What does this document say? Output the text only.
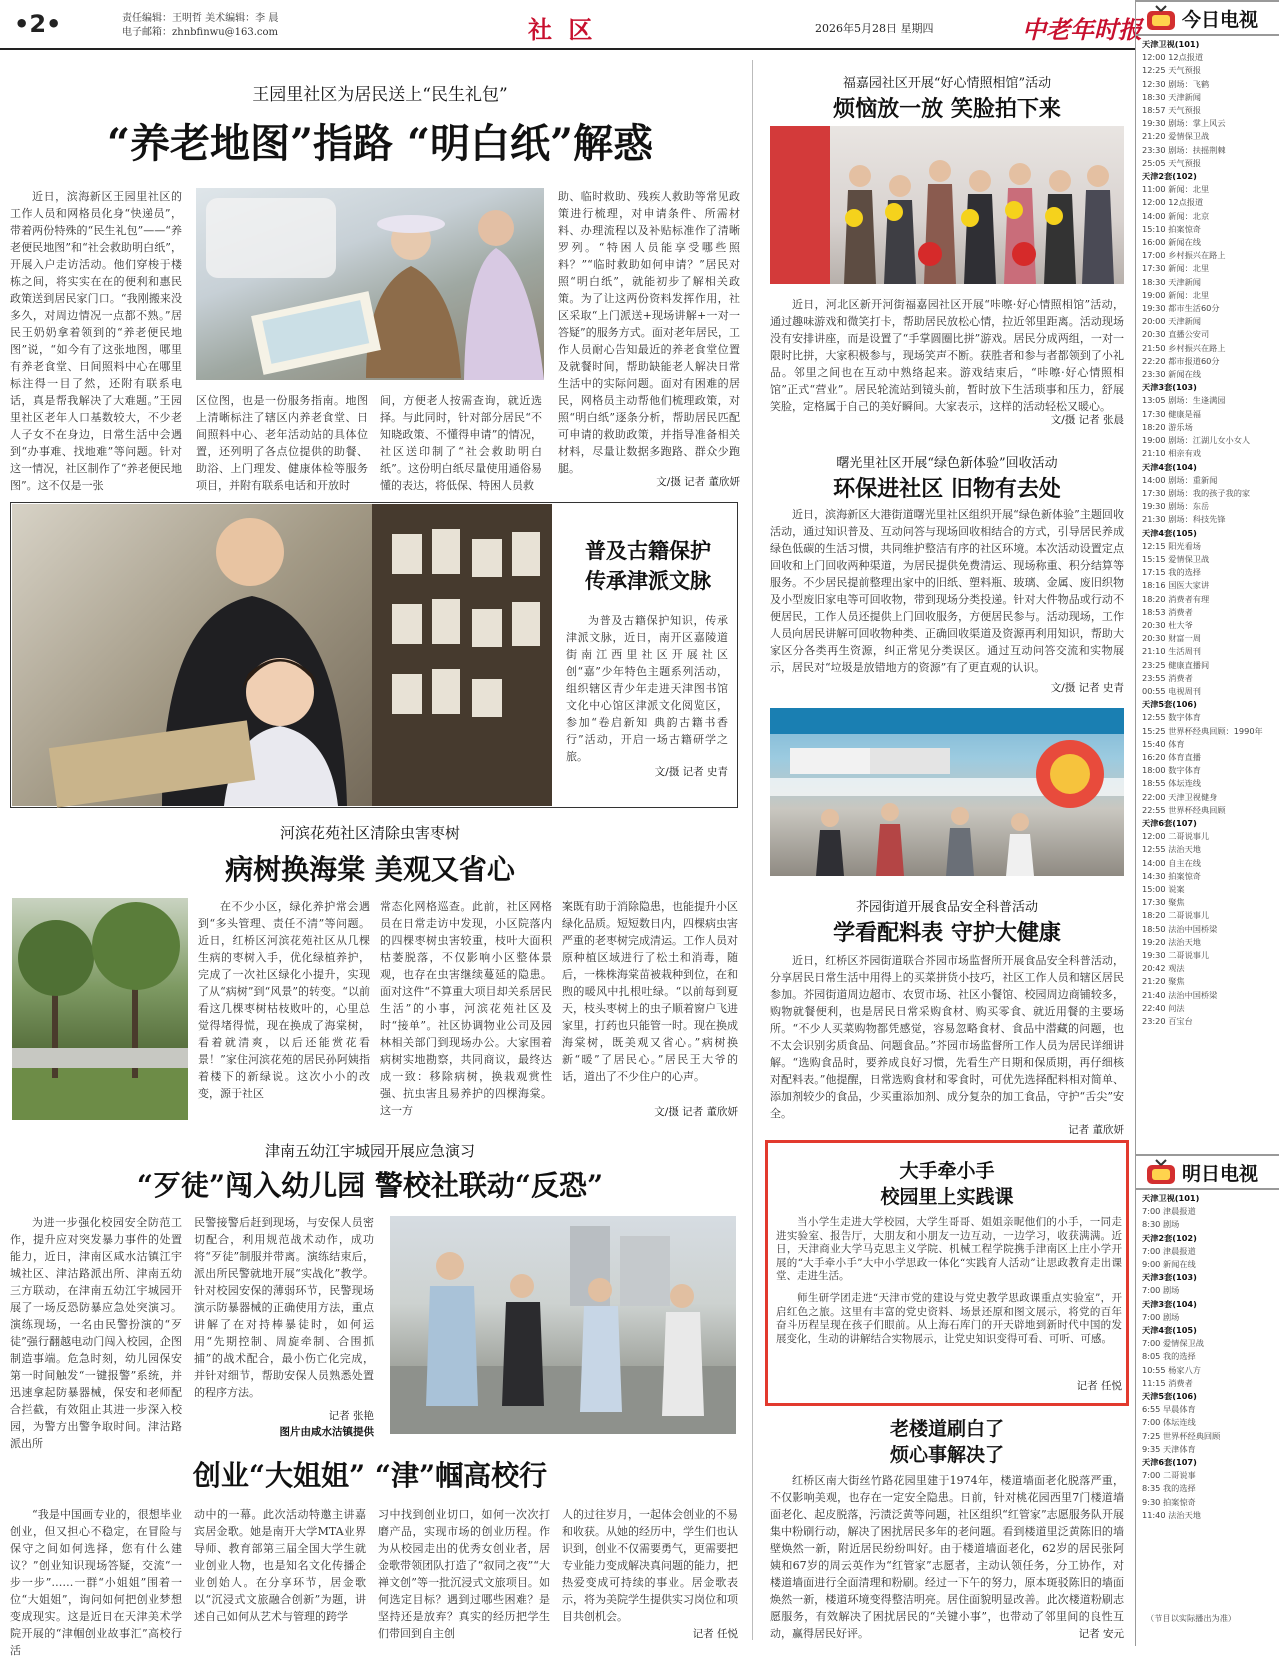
•2•	责任编辑：王明哲 美术编辑：李 晨
电子邮箱：zhnbfinwu@163.com	社 区	2026年5月28日 星期四	中老年时报
王园里社区为居民送上“民生礼包”
“养老地图”指路 “明白纸”解惑
近日，滨海新区王园里社区的工作人员和网格员化身“快递员”，带着两份特殊的“民生礼包”——“养老便民地图”和“社会救助明白纸”，开展入户走访活动。他们穿梭于楼栋之间，将实实在在的便利和惠民政策送到居民家门口。“我刚搬来没多久，对周边情况一点都不熟。”居民王奶奶拿着领到的“养老便民地图”说，“如今有了这张地图，哪里有养老食堂、日间照料中心在哪里标注得一目了然，还附有联系电话，真是帮我解决了大难题。”王园里社区老年人口基数较大，不少老人子女不在身边，日常生活中会遇到“办事难、找地难”等问题。针对这一情况，社区制作了“养老便民地图”。这不仅是一张
区位图，也是一份服务指南。地图上清晰标注了辖区内养老食堂、日间照料中心、老年活动站的具体位置，还列明了各点位提供的助餐、助浴、上门理发、健康体检等服务项目，并附有联系电话和开放时
间，方便老人按需查询，就近选择。与此同时，针对部分居民“不知晓政策、不懂得申请”的情况，社区送印制了“社会救助明白纸”。这份明白纸尽量使用通俗易懂的表达，将低保、特困人员救
助、临时救助、残疾人救助等常见政策进行梳理，对申请条件、所需材料、办理流程以及补贴标准作了清晰罗列。“特困人员能享受哪些照料？”“临时救助如何申请？”居民对照“明白纸”，就能初步了解相关政策。为了让这两份资料发挥作用，社区采取“上门派送+现场讲解+一对一答疑”的服务方式。面对老年居民，工作人员耐心告知最近的养老食堂位置及就餐时间，帮助缺能老人解决日常生活中的实际问题。面对有困难的居民，网格员主动帮他们梳理政策，对照“明白纸”逐条分析，帮助居民匹配可申请的救助政策，并指导准备相关材料，尽量让数据多跑路、群众少跑腿。
文/摄 记者 董欣妍
普及古籍保护
传承津派文脉
为普及古籍保护知识，传承津派文脉，近日，南开区嘉陵道街南江西里社区开展社区创“嘉”少年特色主题系列活动，组织辖区青少年走进天津图书馆文化中心馆区津派文化阅览区，参加“卷启新知 典韵古籍书香行”活动，开启一场古籍研学之旅。
文/摄 记者 史青
河滨花苑社区清除虫害枣树
病树换海棠 美观又省心
在不少小区，绿化养护常会遇到“多头管理、责任不清”等问题。近日，红桥区河滨花苑社区从几棵生病的枣树入手，优化绿植养护，完成了一次社区绿化小提升，实现了从“病树”到“风景”的转变。“以前看这几棵枣树枯枝败叶的，心里总觉得堵得慌，现在换成了海棠树，看着就清爽，以后还能赏花看景！”家住河滨花苑的居民孙阿姨指着楼下的新绿说。这次小小的改变，源于社区
常态化网格巡查。此前，社区网格员在日常走访中发现，小区院落内的四棵枣树虫害较重，枝叶大面积枯萎脱落，不仅影响小区整体景观，也存在虫害继续蔓延的隐患。面对这件“不算重大项目却关系居民生活”的小事，河滨花苑社区及时“接单”。社区协调物业公司及园林相关部门到现场办公。大家围着病树实地勘察，共同商议，最终达成一致：移除病树，换栽观赏性强、抗虫害且易养护的四棵海棠。这一方
案既有助于消除隐患，也能提升小区绿化品质。短短数日内，四棵病虫害严重的老枣树完成清运。工作人员对原种植区域进行了松土和消毒，随后，一株株海棠苗被栽种到位，在和煦的暖风中扎根吐绿。“以前每到夏天，枝头枣树上的虫子顺着窗户飞进家里，打药也只能管一时。现在换成海棠树，既美观又省心。”病树换新“暖”了居民心。”居民王大爷的话，道出了不少住户的心声。
文/摄 记者 董欣妍
津南五幼江宇城园开展应急演习
“歹徒”闯入幼儿园 警校社联动“反恐”
为进一步强化校园安全防范工作，提升应对突发暴力事件的处置能力，近日，津南区咸水沽镇江宇城社区、津沽路派出所、津南五幼三方联动，在津南五幼江宇城园开展了一场反恐防暴应急处突演习。演练现场，一名由民警扮演的“歹徒”强行翻越电动门闯入校园，企图制造事端。危急时刻，幼儿园保安第一时间触发“一键报警”系统，并迅速拿起防暴器械，保安和老师配合拦截，有效阻止其进一步深入校园，为警方出警争取时间。津沽路派出所
民警接警后赶到现场，与安保人员密切配合，利用规范战术动作，成功将“歹徒”制服并带离。演练结束后，派出所民警就地开展“实战化”教学。针对校园安保的薄弱环节，民警现场演示防暴器械的正确使用方法，重点讲解了在对持棒暴徒时，如何运用“先期控制、周旋牵制、合围抓捕”的战术配合，最小伤亡化完成，并针对细节，帮助安保人员熟悉处置的程序方法。
记者 张艳
图片由咸水沽镇提供
创业“大姐姐” “津”帼高校行
“我是中国画专业的，很想毕业创业，但又担心不稳定，在冒险与保守之间如何选择，您有什么建议？”创业知识现场答疑，交流“一步一步”……一群“小姐姐”围着一位“大姐姐”，询问如何把创业梦想变成现实。这是近日在天津美术学院开展的“津帼创业故事汇”高校行活
动中的一幕。此次活动特邀主讲嘉宾居金歌。她是南开大学MTA业界导师、教育部第三届全国大学生就业创业人物，也是知名文化传播企业创始人。在分享环节，居金歌以“沉浸式文旅融合创新”为题，讲述自己如何从艺术与管理的跨学
习中找到创业切口，如何一次次打磨产品，实现市场的创业历程。作为从校园走出的优秀女创业者，居金歌带领团队打造了“叙同之夜”“大禅文创”等一批沉浸式文旅项目。如何选定目标？遇到过哪些困难？是坚持还是放弃？真实的经历把学生们带回到自主创
人的过往岁月，一起体会创业的不易和收获。从她的经历中，学生们也认识到，创业不仅需要勇气，更需要把专业能力变成解决真问题的能力，把热爱变成可持续的事业。居金歌表示，将为美院学生提供实习岗位和项目共创机会。
记者 任悦
福嘉园社区开展“好心情照相馆”活动
烦恼放一放 笑脸拍下来
近日，河北区新开河街福嘉园社区开展“咔嚓·好心情照相馆”活动，通过趣味游戏和微笑打卡，帮助居民放松心情，拉近邻里距离。活动现场没有安排讲座，而是设置了“手掌圆圈比拼”游戏。居民分成两组，一对一限时比拼，大家积极参与，现场笑声不断。获胜者和参与者都领到了小礼品。邻里之间也在互动中熟络起来。游戏结束后，“咔嚓·好心情照相馆”正式“营业”。居民轮流站到镜头前，暂时放下生活琐事和压力，舒展笑脸，定格属于自己的美好瞬间。大家表示，这样的活动轻松又暖心。
文/摄 记者 张晨
曙光里社区开展“绿色新体验”回收活动
环保进社区 旧物有去处
近日，滨海新区大港街道曙光里社区组织开展“绿色新体验”主题回收活动，通过知识普及、互动问答与现场回收相结合的方式，引导居民养成绿色低碳的生活习惯，共同维护整洁有序的社区环境。本次活动设置定点回收和上门回收两种渠道，为居民提供免费清运、现场称重、积分结算等服务。不少居民提前整理出家中的旧纸、塑料瓶、玻璃、金属、废旧织物及小型废旧家电等可回收物，带到现场分类投递。针对大件物品或行动不便居民，工作人员还提供上门回收服务，方便居民参与。活动现场，工作人员向居民讲解可回收物种类、正确回收渠道及资源再利用知识，帮助大家区分各类再生资源，纠正常见分类误区。通过互动问答交流和实物展示，居民对“垃圾是放错地方的资源”有了更直观的认识。
文/摄 记者 史青
芥园街道开展食品安全科普活动
学看配料表 守护大健康
近日，红桥区芥园街道联合芥园市场监督所开展食品安全科普活动，分享居民日常生活中用得上的买菜拼货小技巧，社区工作人员和辖区居民参加。芥园街道周边超市、农贸市场、社区小餐馆、校园周边商铺较多，购物就餐便利，也是居民日常采购食材、购买零食、就近用餐的主要场所。“不少人买菜购物都凭感觉，容易忽略食材、食品中潜藏的问题，也不太会识别劣质食品、问题食品。”芥园市场监督所工作人员为居民详细讲解。“选购食品时，要养成良好习惯，先看生产日期和保质期，再仔细核对配料表。”他提醒，日常选购食材和零食时，可优先选择配料相对简单、添加剂较少的食品，少买重添加剂、成分复杂的加工食品，守护“舌尖”安全。
记者 董欣妍
大手牵小手
校园里上实践课
当小学生走进大学校园，大学生哥哥、姐姐亲昵他们的小手，一同走进实验室、报告厅，大朋友和小朋友一边互动，一边学习，收获满满。近日，天津商业大学马克思主义学院、机械工程学院携手津南区上庄小学开展的“大手牵小手”大中小学思政一体化“实践育人活动”让思政教育走出课堂、走进生活。
师生研学团走进“天津市党的建设与党史教学思政课重点实验室”，开启红色之旅。这里有丰富的党史资料、场景还原和图文展示，将党的百年奋斗历程呈现在孩子们眼前。从上海石库门的开天辟地到新时代中国的发展变化，生动的讲解结合实物展示，让党史知识变得可看、可听、可感。
记者 任悦
老楼道刷白了
烦心事解决了
红桥区南大街丝竹路花园里建于1974年，楼道墙面老化脱落严重，不仅影响美观，也存在一定安全隐患。日前，针对桃花园西里7门楼道墙面老化、起皮脱落，污渍泛黄等问题，社区组织“红管家”志愿服务队开展集中粉刷行动，解决了困扰居民多年的老问题。看到楼道里泛黄陈旧的墙壁焕然一新，附近居民纷纷叫好。由于楼道墙面老化，62岁的居民张阿姨和67岁的周云英作为“红管家”志愿者，主动认领任务，分工协作，对楼道墙面进行全面清理和粉刷。经过一下午的努力，原本斑驳陈旧的墙面焕然一新，楼道环境变得整洁明亮。居住面貌明显改善。此次楼道粉刷志愿服务，有效解决了困扰居民的“关键小事”，也带动了邻里间的良性互动，赢得居民好评。	记者 安元
今日电视
天津卫视(101)
12:00 12点报道
12:25 天气预报
12:30 剧场：飞鹤
18:30 天津新闻
18:57 天气预报
19:30 剧场：掌上风云
21:20 爱情保卫战
23:30 剧场：扶摇荆棘
25:05 天气预报
天津2套(102)
11:00 新闻：北里
12:00 12点报道
14:00 新闻：北京
15:10 拍案惊奇
16:00 新闻在线
17:00 乡村振兴在路上
17:30 新闻：北里
18:30 天津新闻
19:00 新闻：北里
19:30 都市生活60分
20:00 天津新闻
20:30 直播公安司
21:50 乡村振兴在路上
22:20 都市报道60分
23:30 新闻在线
天津3套(103)
13:05 剧场：生逢满园
17:30 健康是福
18:20 游乐场
19:00 剧场：江湖儿女小女人
21:10 相亲有戏
天津4套(104)
14:00 剧场：重新闻
17:30 剧场：我的孩子我的家
19:30 剧场：东岳
21:30 剧场：科技先锋
天津4套(105)
12:15 阳光看场
15:15 爱情保卫战
17:15 我的选择
18:16 国医大家讲
18:20 消费者有理
18:53 消费者
20:30 杜大爷
20:30 财富一周
21:10 生活周刊
23:25 健康直播间
23:55 消费者
00:55 电视周刊
天津5套(106)
12:55 数字体育
15:25 世界杯经典回顾：1990年
15:40 体育
16:20 体育直播
18:00 数字体育
18:55 体坛连线
22:00 天津卫视健身
22:55 世界杯经典回顾
天津6套(107)
12:00 二哥说事儿
12:55 法治天地
14:00 自主在线
14:30 拍案惊奇
15:00 说案
17:30 聚焦
18:20 二哥说事儿
18:50 法治中国桥梁
19:20 法治天地
19:30 二哥说事儿
20:42 观法
21:20 聚焦
21:40 法治中国桥梁
22:40 问法
23:20 百宝台
明日电视
天津卫视(101)
7:00 津晨报道
8:30 剧场
天津2套(102)
7:00 津晨报道
9:00 新闻在线
天津3套(103)
7:00 剧场
天津3套(104)
7:00 剧场
天津4套(105)
7:00 爱情保卫战
8:05 我的选择
10:55 杨家八方
11:15 消费者
天津5套(106)
6:55 早晨体育
7:00 体坛连线
7:25 世界杯经典回顾
9:35 天津体育
天津6套(107)
7:00 二哥说事
8:35 我的选择
9:30 拍案惊奇
11:40 法治天地
（节目以实际播出为准）
